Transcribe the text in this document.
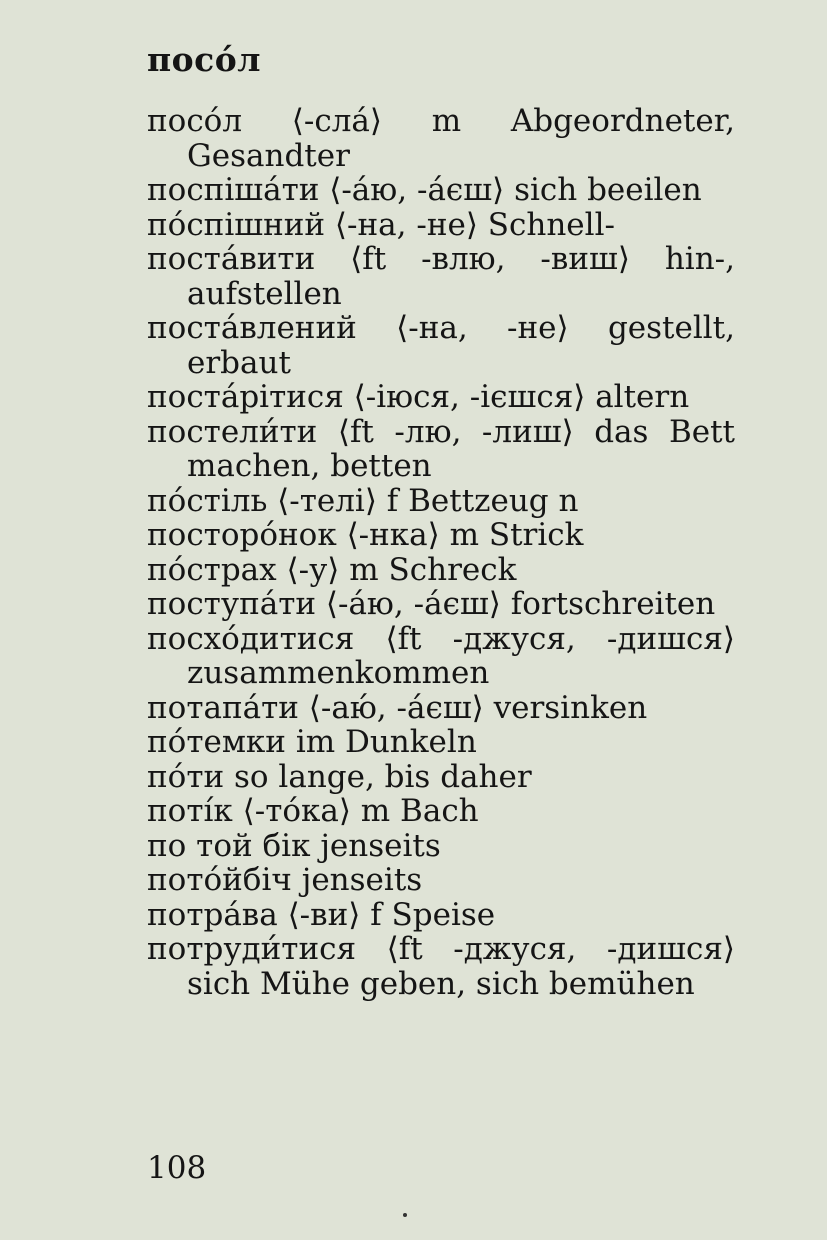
посóл

посóл ⟨-слá⟩ m Abgeordneter, Gesandter

поспішáти ⟨-áю, -áєш⟩ sich beeilen

пóспішний ⟨-на, -не⟩ Schnell-

постáвити ⟨ft -влю, -виш⟩ hin-, aufstellen

постáвлений ⟨-на, -не⟩ gestellt, erbaut

постáрітися ⟨-іюся, -ієшся⟩ altern

постели́ти ⟨ft -лю, -лиш⟩ das Bett machen, betten

пóстіль ⟨-телі⟩ f Bettzeug n

посторóнок ⟨-нка⟩ m Strick

пóстрах ⟨-у⟩ m Schreck

поступáти ⟨-áю, -áєш⟩ fortschreiten

посхóдитися ⟨ft -джуся, -дишся⟩ zusammenkommen

потапáти ⟨-аю́, -áєш⟩ versinken

пóтемки im Dunkeln

пóти so lange, bis daher

потíк ⟨-тóка⟩ m Bach

по той бік jenseits

потóйбіч jenseits

потрáва ⟨-ви⟩ f Speise

потруди́тися ⟨ft -джуся, -дишся⟩ sich Mühe geben, sich bemühen

108
